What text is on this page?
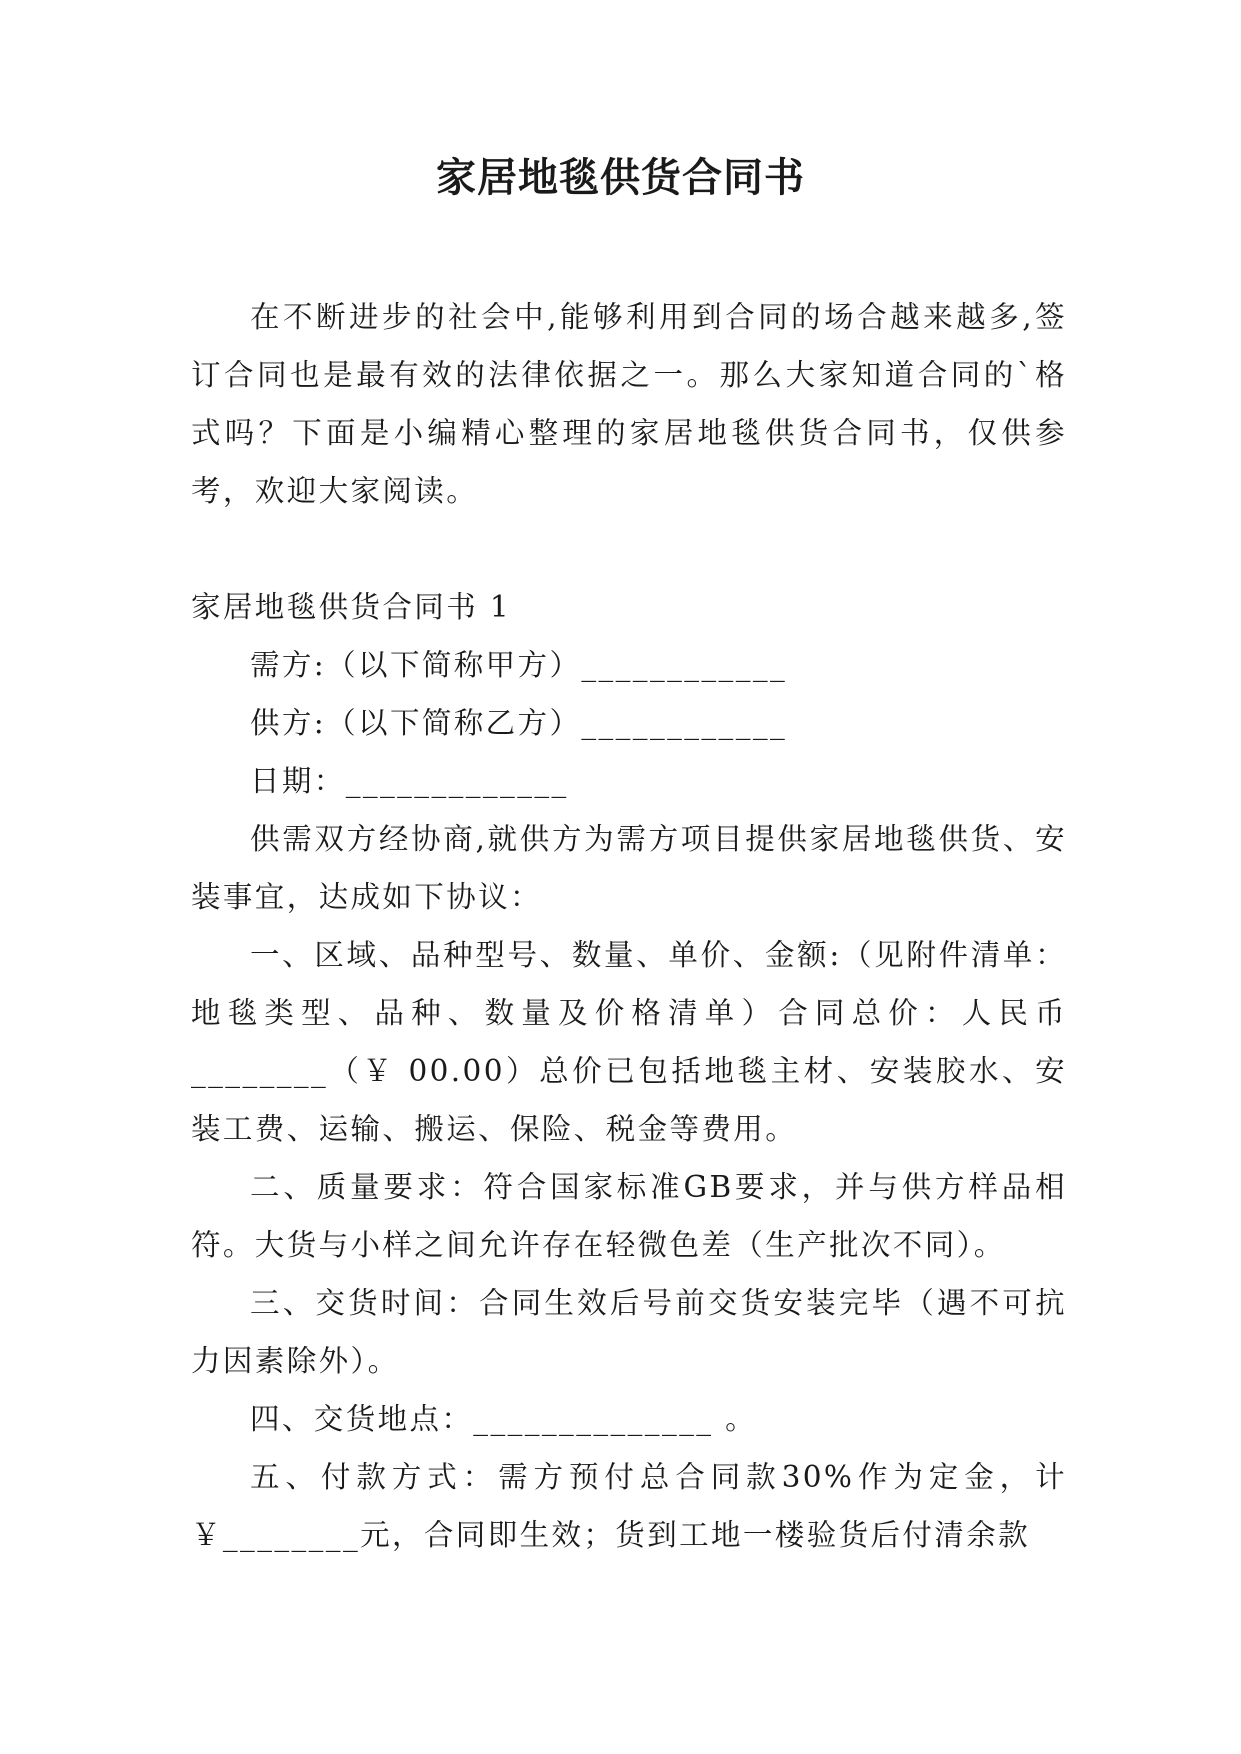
家居地毯供货合同书

在不断进步的社会中,能够利用到合同的场合越来越多,签订合同也是最有效的法律依据之一。那么大家知道合同的`格式吗？下面是小编精心整理的家居地毯供货合同书，仅供参考，欢迎大家阅读。

家居地毯供货合同书 1

需方:（以下简称甲方）____________

供方:（以下简称乙方）____________

日期：_____________

供需双方经协商,就供方为需方项目提供家居地毯供货、安装事宜，达成如下协议：

一、区域、品种型号、数量、单价、金额:（见附件清单：地毯类型、品种、数量及价格清单）合同总价：人民币________（￥ 00.00）总价已包括地毯主材、安装胶水、安装工费、运输、搬运、保险、税金等费用。

二、质量要求：符合国家标准GB要求，并与供方样品相符。大货与小样之间允许存在轻微色差（生产批次不同）。

三、交货时间：合同生效后号前交货安装完毕（遇不可抗力因素除外）。

四、交货地点：______________ 。

五、付款方式：需方预付总合同款30%作为定金，计￥________元，合同即生效；货到工地一楼验货后付清余款
